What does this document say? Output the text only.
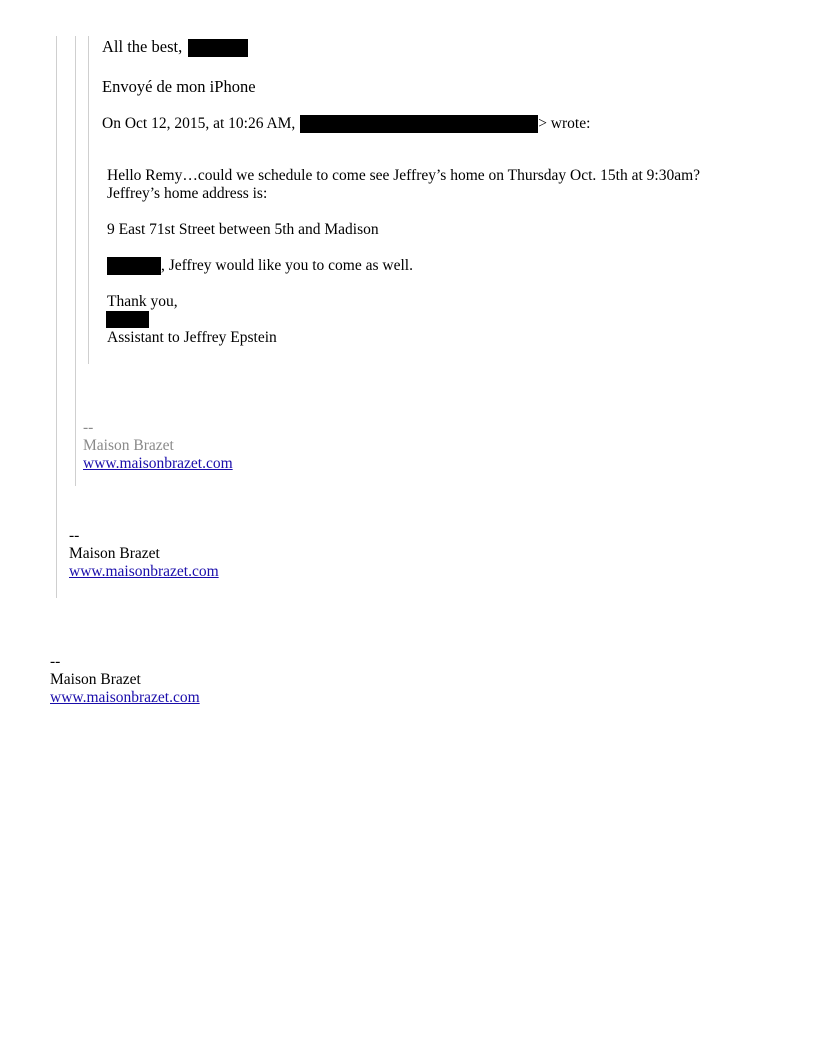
All the best,
Envoyé de mon iPhone
On Oct 12, 2015, at 10:26 AM,	> wrote:
Hello Remy…could we schedule to come see Jeffrey’s home on Thursday Oct. 15th at 9:30am?
Jeffrey’s home address is:
9 East 71st Street between 5th and Madison
, Jeffrey would like you to come as well.
Thank you,
Assistant to Jeffrey Epstein
--
Maison Brazet
www.maisonbrazet.com
--
Maison Brazet
www.maisonbrazet.com
--
Maison Brazet
www.maisonbrazet.com
